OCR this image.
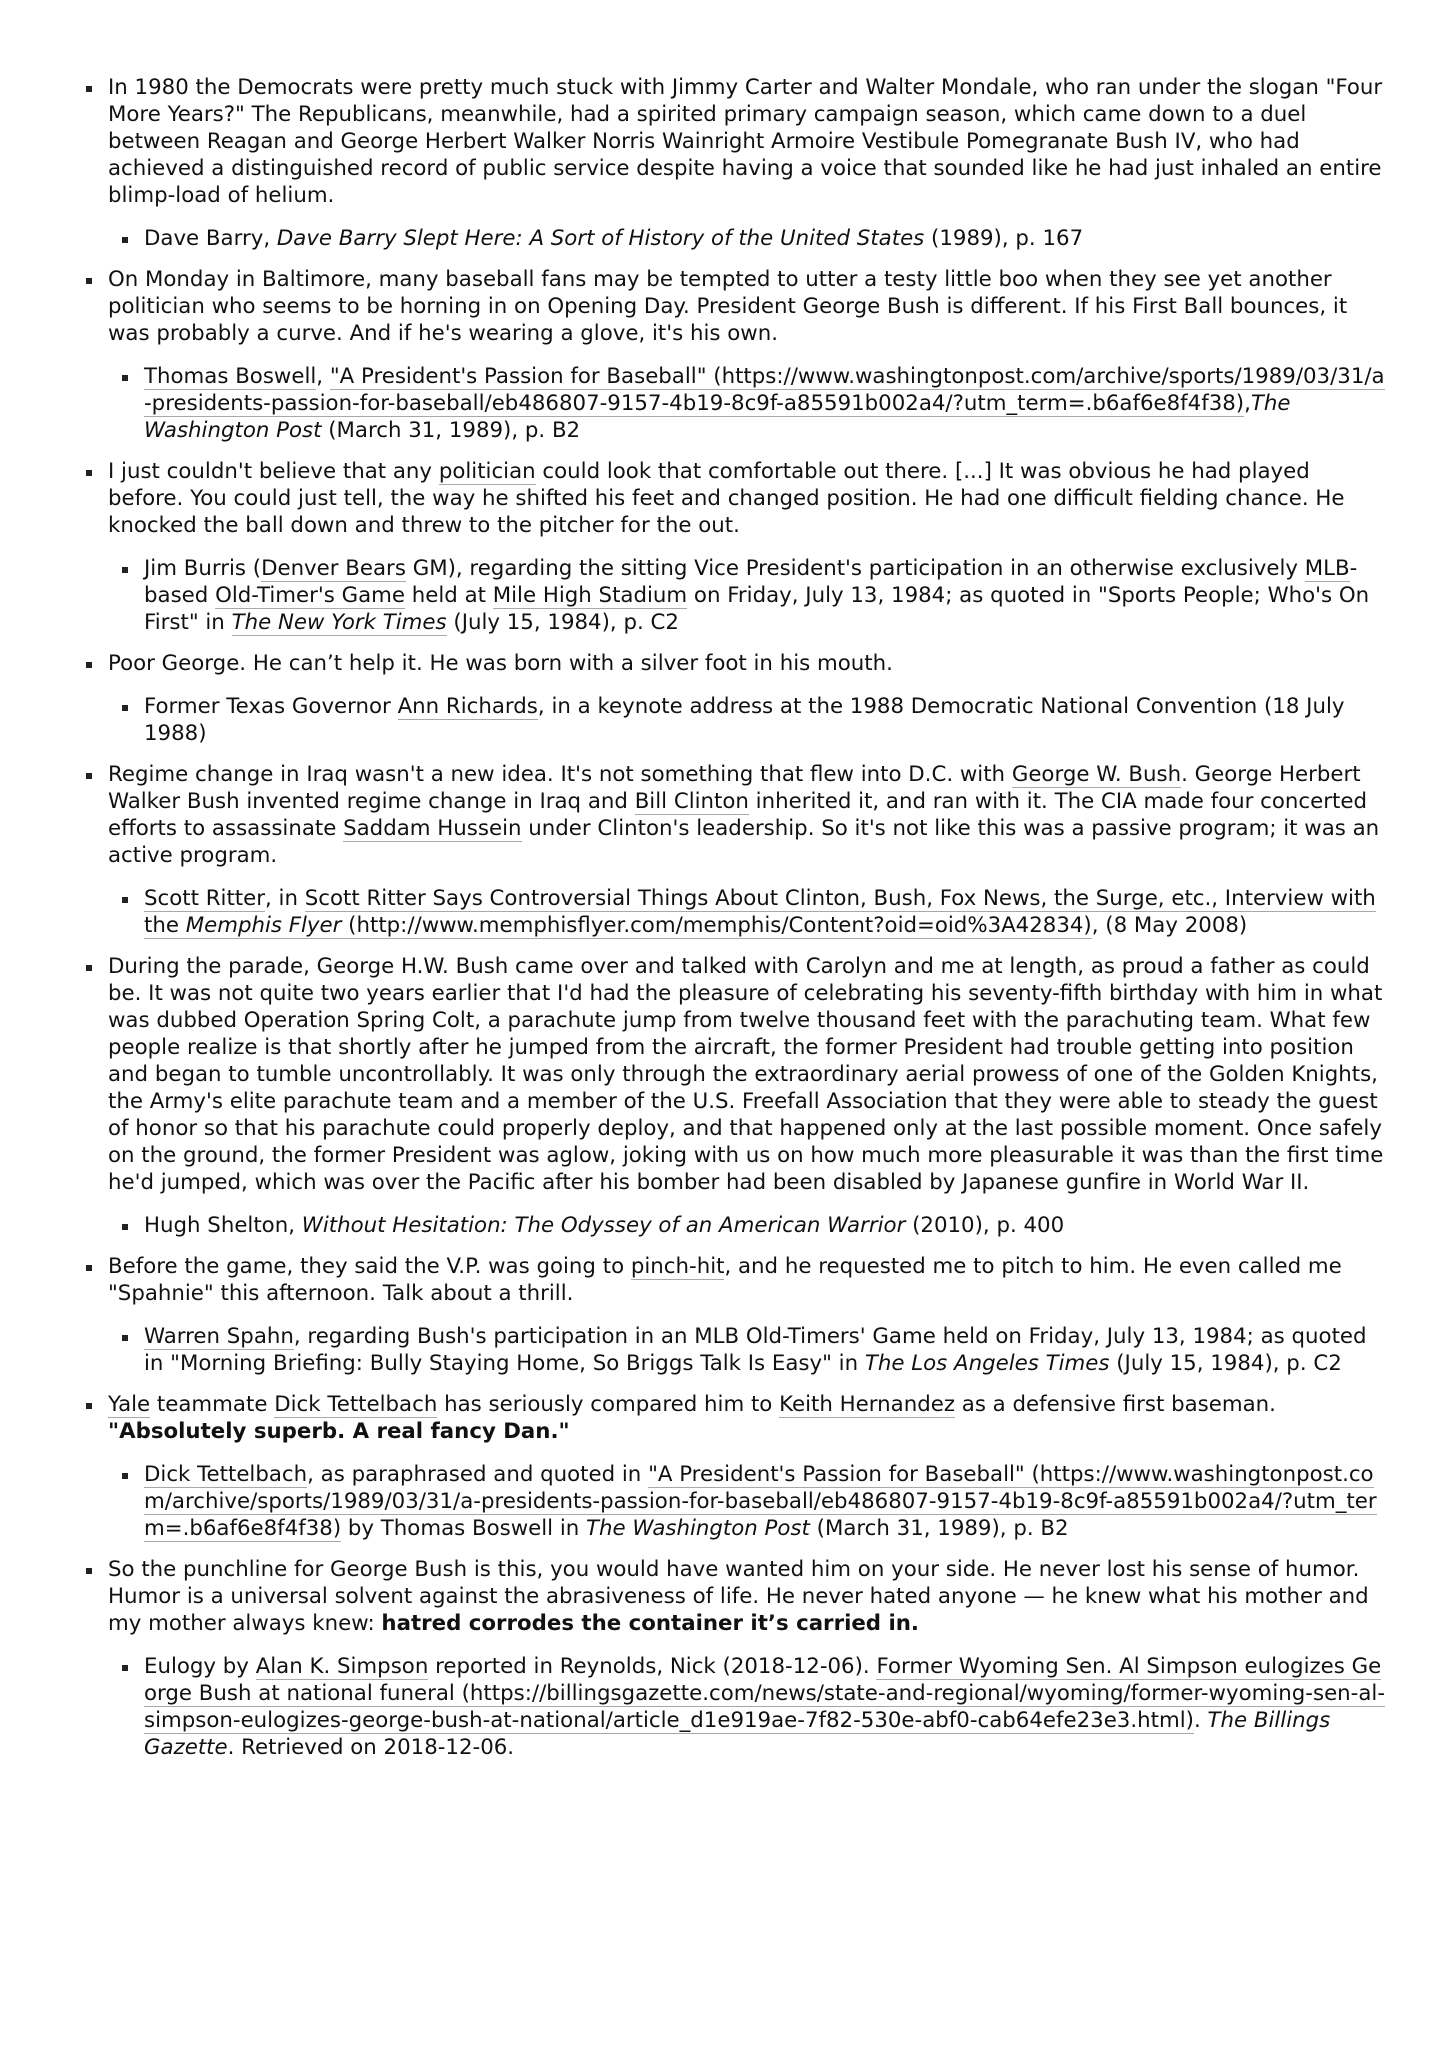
In 1980 the Democrats were pretty much stuck with Jimmy Carter and Walter Mondale, who ran under the slogan "Four More Years?" The Republicans, meanwhile, had a spirited primary campaign season, which came down to a duel between Reagan and George Herbert Walker Norris Wainright Armoire Vestibule Pomegranate Bush IV, who had achieved a distinguished record of public service despite having a voice that sounded like he had just inhaled an entire blimp-load of helium.
Dave Barry, Dave Barry Slept Here: A Sort of History of the United States (1989), p. 167
On Monday in Baltimore, many baseball fans may be tempted to utter a testy little boo when they see yet another politician who seems to be horning in on Opening Day. President George Bush is different. If his First Ball bounces, it was probably a curve. And if he's wearing a glove, it's his own.
Thomas Boswell, "A President's Passion for Baseball" (https://www.washingtonpost.com/archive/sports/1989/03/31/a-presidents-passion-for-baseball/eb486807-9157-4b19-8c9f-a85591b002a4/?utm_term=.b6af6e8f4f38),The Washington Post (March 31, 1989), p. B2
I just couldn't believe that any politician could look that comfortable out there. [...] It was obvious he had played before. You could just tell, the way he shifted his feet and changed position. He had one difficult fielding chance. He knocked the ball down and threw to the pitcher for the out.
Jim Burris (Denver Bears GM), regarding the sitting Vice President's participation in an otherwise exclusively MLB-based Old-Timer's Game held at Mile High Stadium on Friday, July 13, 1984; as quoted in "Sports People; Who's On First" in The New York Times (July 15, 1984), p. C2
Poor George. He can’t help it. He was born with a silver foot in his mouth.
Former Texas Governor Ann Richards, in a keynote address at the 1988 Democratic National Convention (18 July 1988)
Regime change in Iraq wasn't a new idea. It's not something that flew into D.C. with George W. Bush. George Herbert Walker Bush invented regime change in Iraq and Bill Clinton inherited it, and ran with it. The CIA made four concerted efforts to assassinate Saddam Hussein under Clinton's leadership. So it's not like this was a passive program; it was an active program.
Scott Ritter, in Scott Ritter Says Controversial Things About Clinton, Bush, Fox News, the Surge, etc., Interview with the Memphis Flyer (http://www.memphisflyer.com/memphis/Content?oid=oid%3A42834), (8 May 2008)
During the parade, George H.W. Bush came over and talked with Carolyn and me at length, as proud a father as could be. It was not quite two years earlier that I'd had the pleasure of celebrating his seventy-fifth birthday with him in what was dubbed Operation Spring Colt, a parachute jump from twelve thousand feet with the parachuting team. What few people realize is that shortly after he jumped from the aircraft, the former President had trouble getting into position and began to tumble uncontrollably. It was only through the extraordinary aerial prowess of one of the Golden Knights, the Army's elite parachute team and a member of the U.S. Freefall Association that they were able to steady the guest of honor so that his parachute could properly deploy, and that happened only at the last possible moment. Once safely on the ground, the former President was aglow, joking with us on how much more pleasurable it was than the first time he'd jumped, which was over the Pacific after his bomber had been disabled by Japanese gunfire in World War II.
Hugh Shelton, Without Hesitation: The Odyssey of an American Warrior (2010), p. 400
Before the game, they said the V.P. was going to pinch-hit, and he requested me to pitch to him. He even called me "Spahnie" this afternoon. Talk about a thrill.
Warren Spahn, regarding Bush's participation in an MLB Old-Timers' Game held on Friday, July 13, 1984; as quoted in "Morning Briefing: Bully Staying Home, So Briggs Talk Is Easy" in The Los Angeles Times (July 15, 1984), p. C2
Yale teammate Dick Tettelbach has seriously compared him to Keith Hernandez as a defensive first baseman. "Absolutely superb. A real fancy Dan."
Dick Tettelbach, as paraphrased and quoted in "A President's Passion for Baseball" (https://www.washingtonpost.com/archive/sports/1989/03/31/a-presidents-passion-for-baseball/eb486807-9157-4b19-8c9f-a85591b002a4/?utm_term=.b6af6e8f4f38) by Thomas Boswell in The Washington Post (March 31, 1989), p. B2
So the punchline for George Bush is this, you would have wanted him on your side. He never lost his sense of humor. Humor is a universal solvent against the abrasiveness of life. He never hated anyone — he knew what his mother and my mother always knew: hatred corrodes the container it’s carried in.
Eulogy by Alan K. Simpson reported in Reynolds, Nick (2018-12-06). Former Wyoming Sen. Al Simpson eulogizes George Bush at national funeral (https://billingsgazette.com/news/state-and-regional/wyoming/former-wyoming-sen-al-simpson-eulogizes-george-bush-at-national/article_d1e919ae-7f82-530e-abf0-cab64efe23e3.html). The Billings Gazette. Retrieved on 2018-12-06.
